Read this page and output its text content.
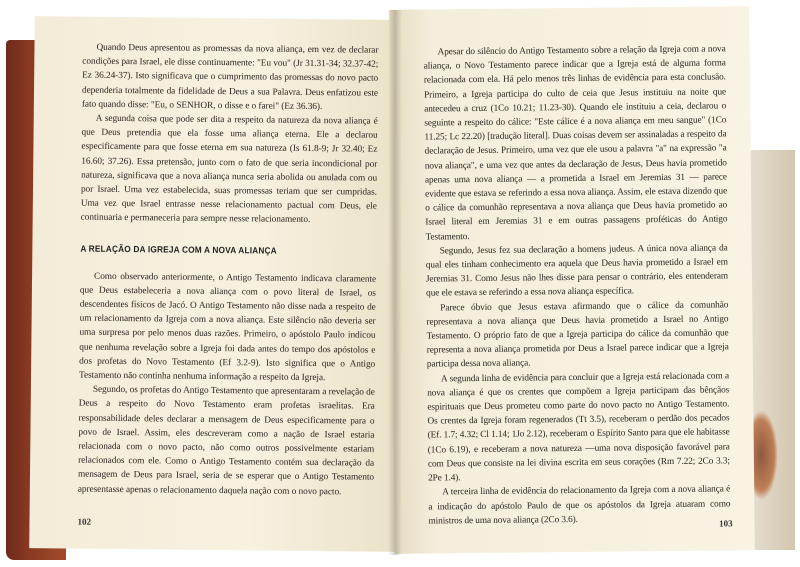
Quando Deus apresentou as promessas da nova aliança, em vez de declarar condições para Israel, ele disse continuamente: "Eu vou" (Jr 31.31-34; 32.37-42; Ez 36.24-37). Isto significava que o cumprimento das promessas do novo pacto dependeria totalmente da fidelidade de Deus a sua Palavra. Deus enfatizou este fato quando disse: "Eu, o SENHOR, o disse e o farei" (Ez 36.36).

A segunda coisa que pode ser dita a respeito da natureza da nova aliança é que Deus pretendia que ela fosse uma aliança eterna. Ele a declarou especificamente para que fosse eterna em sua natureza (Is 61.8-9; Jr 32.40; Ez 16.60; 37.26). Essa pretensão, junto com o fato de que seria incondicional por natureza, significava que a nova aliança nunca seria abolida ou anulada com ou por Israel. Uma vez estabelecida, suas promessas teriam que ser cumpridas. Uma vez que Israel entrasse nesse relacionamento pactual com Deus, ele continuaria e permaneceria para sempre nesse relacionamento.

A RELAÇÃO DA IGREJA COM A NOVA ALIANÇA

Como observado anteriormente, o Antigo Testamento indicava claramente que Deus estabeleceria a nova aliança com o povo literal de Israel, os descendentes físicos de Jacó. O Antigo Testamento não disse nada a respeito de um relacionamento da Igreja com a nova aliança. Este silêncio não deveria ser uma surpresa por pelo menos duas razões. Primeiro, o apóstolo Paulo indicou que nenhuma revelação sobre a Igreja foi dada antes do tempo dos apóstolos e dos profetas do Novo Testamento (Ef 3.2-9). Isto significa que o Antigo Testamento não continha nenhuma informação a respeito da Igreja.

Segundo, os profetas do Antigo Testamento que apresentaram a revelação de Deus a respeito do Novo Testamento eram profetas israelitas. Era responsabilidade deles declarar a mensagem de Deus especificamente para o povo de Israel. Assim, eles descreveram como a nação de Israel estaria relacionada com o novo pacto, não como outros possivelmente estariam relacionados com ele. Como o Antigo Testamento contém sua declaração da mensagem de Deus para Israel, seria de se esperar que o Antigo Testamento apresentasse apenas o relacionamento daquela nação com o novo pacto.

102

Apesar do silêncio do Antigo Testamento sobre a relação da Igreja com a nova aliança, o Novo Testamento parece indicar que a Igreja está de alguma forma relacionada com ela. Há pelo menos três linhas de evidência para esta conclusão. Primeiro, a Igreja participa do culto de ceia que Jesus instituiu na noite que antecedeu a cruz (1Co 10.21; 11.23-30). Quando ele instituiu a ceia, declarou o seguinte a respeito do cálice: "Este cálice é a nova aliança em meu sangue" (1Co 11.25; Lc 22.20) [tradução literal]. Duas coisas devem ser assinaladas a respeito da declaração de Jesus. Primeiro, uma vez que ele usou a palavra "a" na expressão "a nova aliança", e uma vez que antes da declaração de Jesus, Deus havia prometido apenas uma nova aliança — a prometida a Israel em Jeremias 31 — parece evidente que estava se referindo a essa nova aliança. Assim, ele estava dizendo que o cálice da comunhão representava a nova aliança que Deus havia prometido ao Israel literal em Jeremias 31 e em outras passagens proféticas do Antigo Testamento.

Segundo, Jesus fez sua declaração a homens judeus. A única nova aliança da qual eles tinham conhecimento era aquela que Deus havia prometido a Israel em Jeremias 31. Como Jesus não lhes disse para pensar o contrário, eles entenderam que ele estava se referindo a essa nova aliança específica.

Parece óbvio que Jesus estava afirmando que o cálice da comunhão representava a nova aliança que Deus havia prometido a Israel no Antigo Testamento. O próprio fato de que a Igreja participa do cálice da comunhão que representa a nova aliança prometida por Deus a Israel parece indicar que a Igreja participa dessa nova aliança.

A segunda linha de evidência para concluir que a Igreja está relacionada com a nova aliança é que os crentes que compõem a Igreja participam das bênçãos espirituais que Deus prometeu como parte do novo pacto no Antigo Testamento. Os crentes da Igreja foram regenerados (Tt 3.5), receberam o perdão dos pecados (Ef. 1.7; 4.32; Cl 1.14; 1Jo 2.12), receberam o Espírito Santo para que ele habitasse (1Co 6.19), e receberam a nova natureza —uma nova disposição favorável para com Deus que consiste na lei divina escrita em seus corações (Rm 7.22; 2Co 3.3; 2Pe 1.4).

A terceira linha de evidência do relacionamento da Igreja com a nova aliança é a indicação do apóstolo Paulo de que os apóstolos da Igreja atuaram como ministros de uma nova aliança (2Co 3.6).	103
